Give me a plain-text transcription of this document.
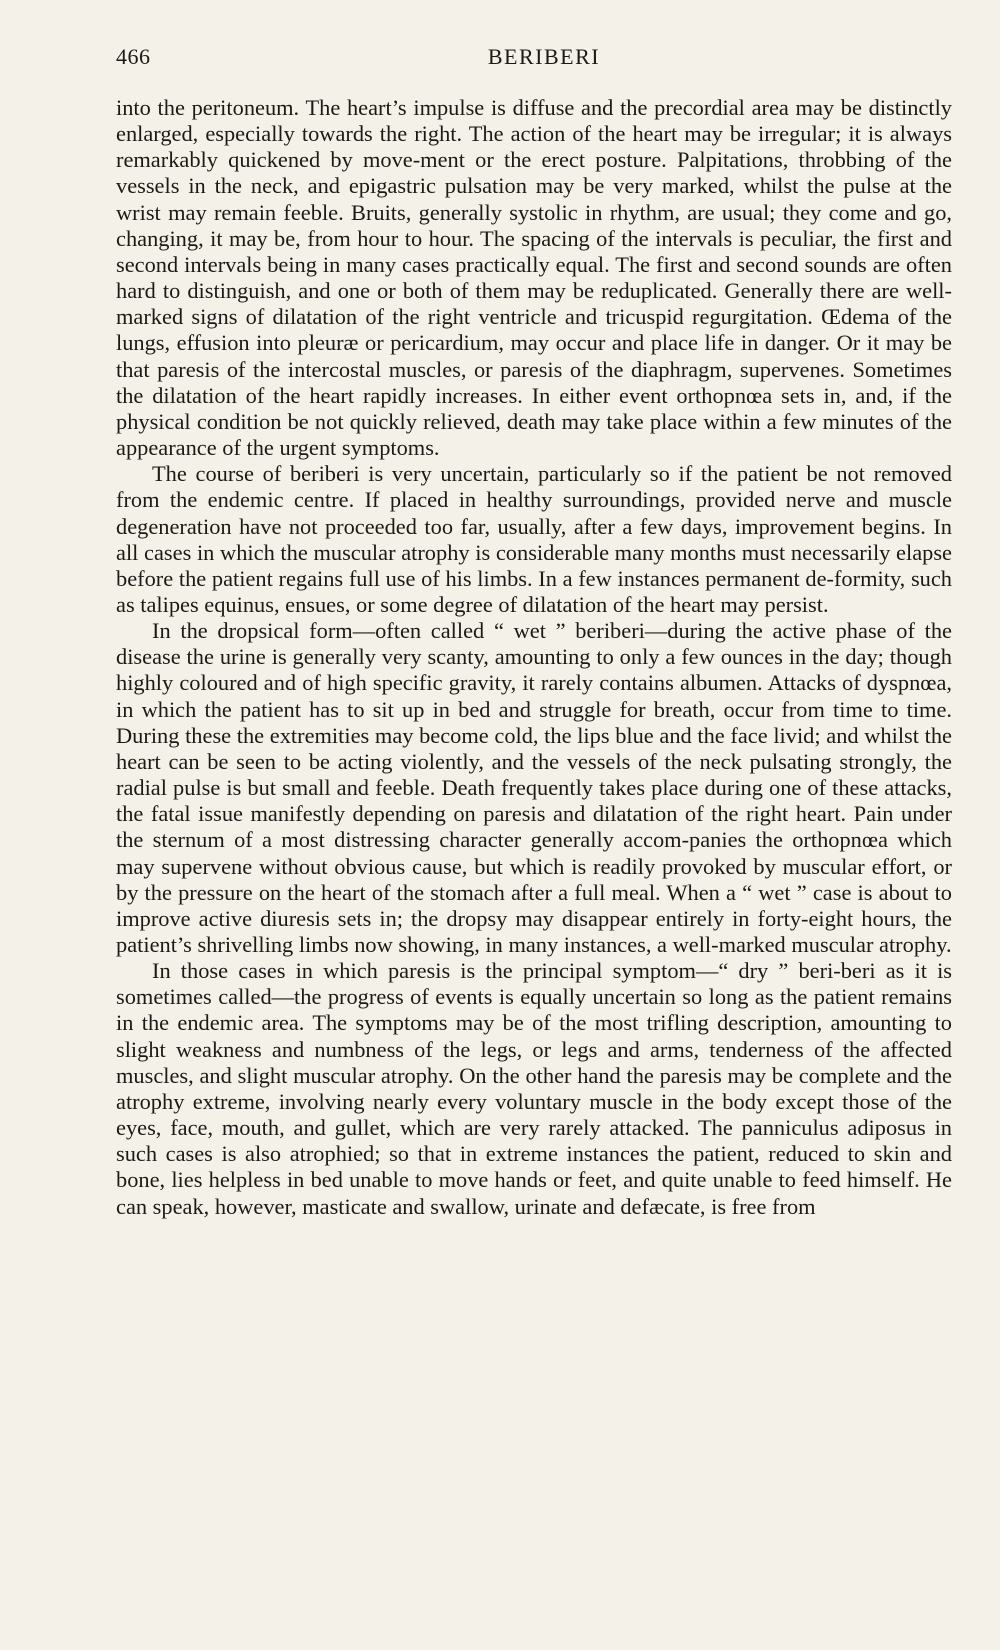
466	BERIBERI

into the peritoneum. The heart’s impulse is diffuse and the precordial area may be distinctly enlarged, especially towards the right. The action of the heart may be irregular; it is always remarkably quickened by move-ment or the erect posture. Palpitations, throbbing of the vessels in the neck, and epigastric pulsation may be very marked, whilst the pulse at the wrist may remain feeble. Bruits, generally systolic in rhythm, are usual; they come and go, changing, it may be, from hour to hour. The spacing of the intervals is peculiar, the first and second intervals being in many cases practically equal. The first and second sounds are often hard to distinguish, and one or both of them may be reduplicated. Generally there are well-marked signs of dilatation of the right ventricle and tricuspid regurgitation. Œdema of the lungs, effusion into pleuræ or pericardium, may occur and place life in danger. Or it may be that paresis of the intercostal muscles, or paresis of the diaphragm, supervenes. Sometimes the dilatation of the heart rapidly increases. In either event orthopnœa sets in, and, if the physical condition be not quickly relieved, death may take place within a few minutes of the appearance of the urgent symptoms.

The course of beriberi is very uncertain, particularly so if the patient be not removed from the endemic centre. If placed in healthy surroundings, provided nerve and muscle degeneration have not proceeded too far, usually, after a few days, improvement begins. In all cases in which the muscular atrophy is considerable many months must necessarily elapse before the patient regains full use of his limbs. In a few instances permanent de-formity, such as talipes equinus, ensues, or some degree of dilatation of the heart may persist.

In the dropsical form—often called “ wet ” beriberi—during the active phase of the disease the urine is generally very scanty, amounting to only a few ounces in the day; though highly coloured and of high specific gravity, it rarely contains albumen. Attacks of dyspnœa, in which the patient has to sit up in bed and struggle for breath, occur from time to time. During these the extremities may become cold, the lips blue and the face livid; and whilst the heart can be seen to be acting violently, and the vessels of the neck pulsating strongly, the radial pulse is but small and feeble. Death frequently takes place during one of these attacks, the fatal issue manifestly depending on paresis and dilatation of the right heart. Pain under the sternum of a most distressing character generally accom-panies the orthopnœa which may supervene without obvious cause, but which is readily provoked by muscular effort, or by the pressure on the heart of the stomach after a full meal. When a “ wet ” case is about to improve active diuresis sets in; the dropsy may disappear entirely in forty-eight hours, the patient’s shrivelling limbs now showing, in many instances, a well-marked muscular atrophy.

In those cases in which paresis is the principal symptom—“ dry ” beri-beri as it is sometimes called—the progress of events is equally uncertain so long as the patient remains in the endemic area. The symptoms may be of the most trifling description, amounting to slight weakness and numbness of the legs, or legs and arms, tenderness of the affected muscles, and slight muscular atrophy. On the other hand the paresis may be complete and the atrophy extreme, involving nearly every voluntary muscle in the body except those of the eyes, face, mouth, and gullet, which are very rarely attacked. The panniculus adiposus in such cases is also atrophied; so that in extreme instances the patient, reduced to skin and bone, lies helpless in bed unable to move hands or feet, and quite unable to feed himself. He can speak, however, masticate and swallow, urinate and defæcate, is free from
